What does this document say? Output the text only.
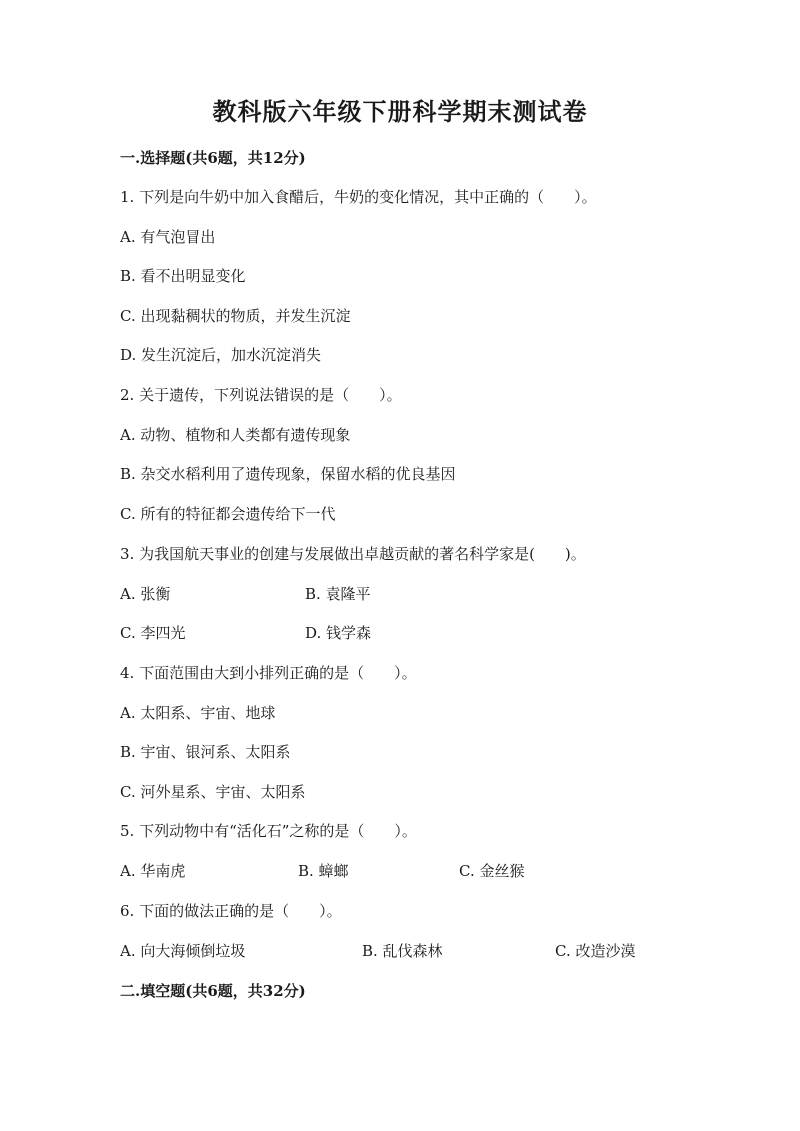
教科版六年级下册科学期末测试卷
一.选择题(共6题，共12分)
1. 下列是向牛奶中加入食醋后，牛奶的变化情况，其中正确的（　　）。
A. 有气泡冒出
B. 看不出明显变化
C. 出现黏稠状的物质，并发生沉淀
D. 发生沉淀后，加水沉淀消失
2. 关于遗传，下列说法错误的是（　　）。
A. 动物、植物和人类都有遗传现象
B. 杂交水稻利用了遗传现象，保留水稻的优良基因
C. 所有的特征都会遗传给下一代
3. 为我国航天事业的创建与发展做出卓越贡献的著名科学家是(　　)。
A. 张衡	B. 袁隆平
C. 李四光	D. 钱学森
4. 下面范围由大到小排列正确的是（　　）。
A. 太阳系、宇宙、地球
B. 宇宙、银河系、太阳系
C. 河外星系、宇宙、太阳系
5. 下列动物中有“活化石”之称的是（　　）。
A. 华南虎	B. 蟑螂	C. 金丝猴
6. 下面的做法正确的是（　　）。
A. 向大海倾倒垃圾	B. 乱伐森林	C. 改造沙漠
二.填空题(共6题，共32分)
